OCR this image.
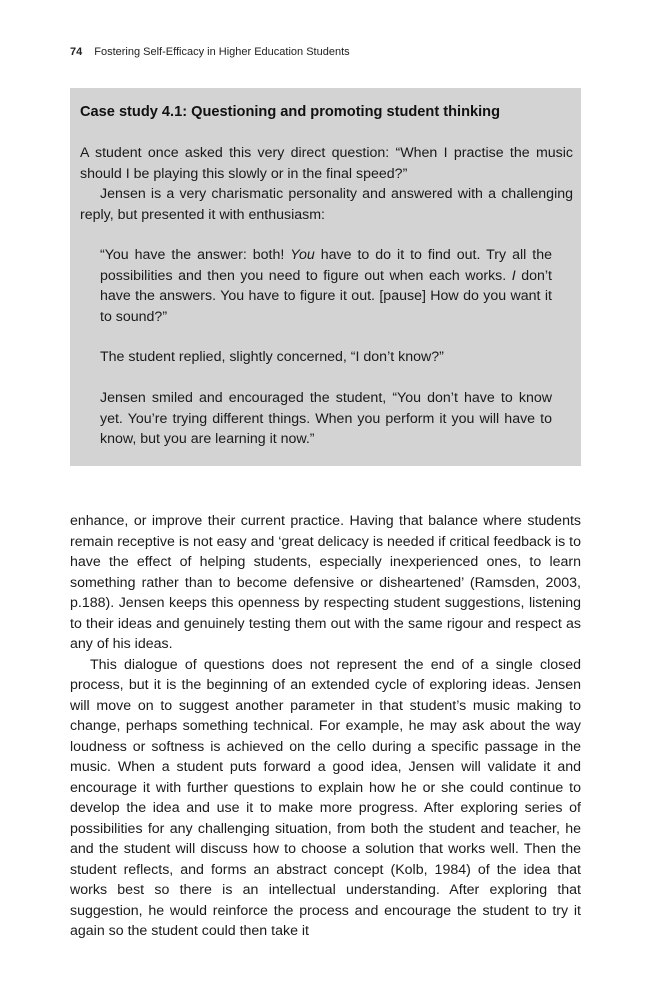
74 Fostering Self-Efficacy in Higher Education Students
Case study 4.1: Questioning and promoting student thinking

A student once asked this very direct question: “When I practise the music should I be playing this slowly or in the final speed?”

Jensen is a very charismatic personality and answered with a challenging reply, but presented it with enthusiasm:

“You have the answer: both! You have to do it to find out. Try all the possibilities and then you need to figure out when each works. I don’t have the answers. You have to figure it out. [pause] How do you want it to sound?”
The student replied, slightly concerned, “I don’t know?”
Jensen smiled and encouraged the student, “You don’t have to know yet. You’re trying different things. When you perform it you will have to know, but you are learning it now.”

enhance, or improve their current practice. Having that balance where students remain receptive is not easy and ‘great delicacy is needed if critical feedback is to have the effect of helping students, especially inexperienced ones, to learn something rather than to become defensive or disheartened’ (Ramsden, 2003, p.188). Jensen keeps this openness by respecting student suggestions, listening to their ideas and genuinely testing them out with the same rigour and respect as any of his ideas.

This dialogue of questions does not represent the end of a single closed process, but it is the beginning of an extended cycle of exploring ideas. Jensen will move on to suggest another parameter in that student’s music making to change, perhaps something technical. For example, he may ask about the way loudness or softness is achieved on the cello during a specific passage in the music. When a student puts forward a good idea, Jensen will validate it and encourage it with further questions to explain how he or she could continue to develop the idea and use it to make more progress. After exploring series of possibilities for any challenging situation, from both the student and teacher, he and the student will discuss how to choose a solution that works well. Then the student reflects, and forms an abstract concept (Kolb, 1984) of the idea that works best so there is an intellectual understanding. After exploring that suggestion, he would reinforce the process and encourage the student to try it again so the student could then take it
